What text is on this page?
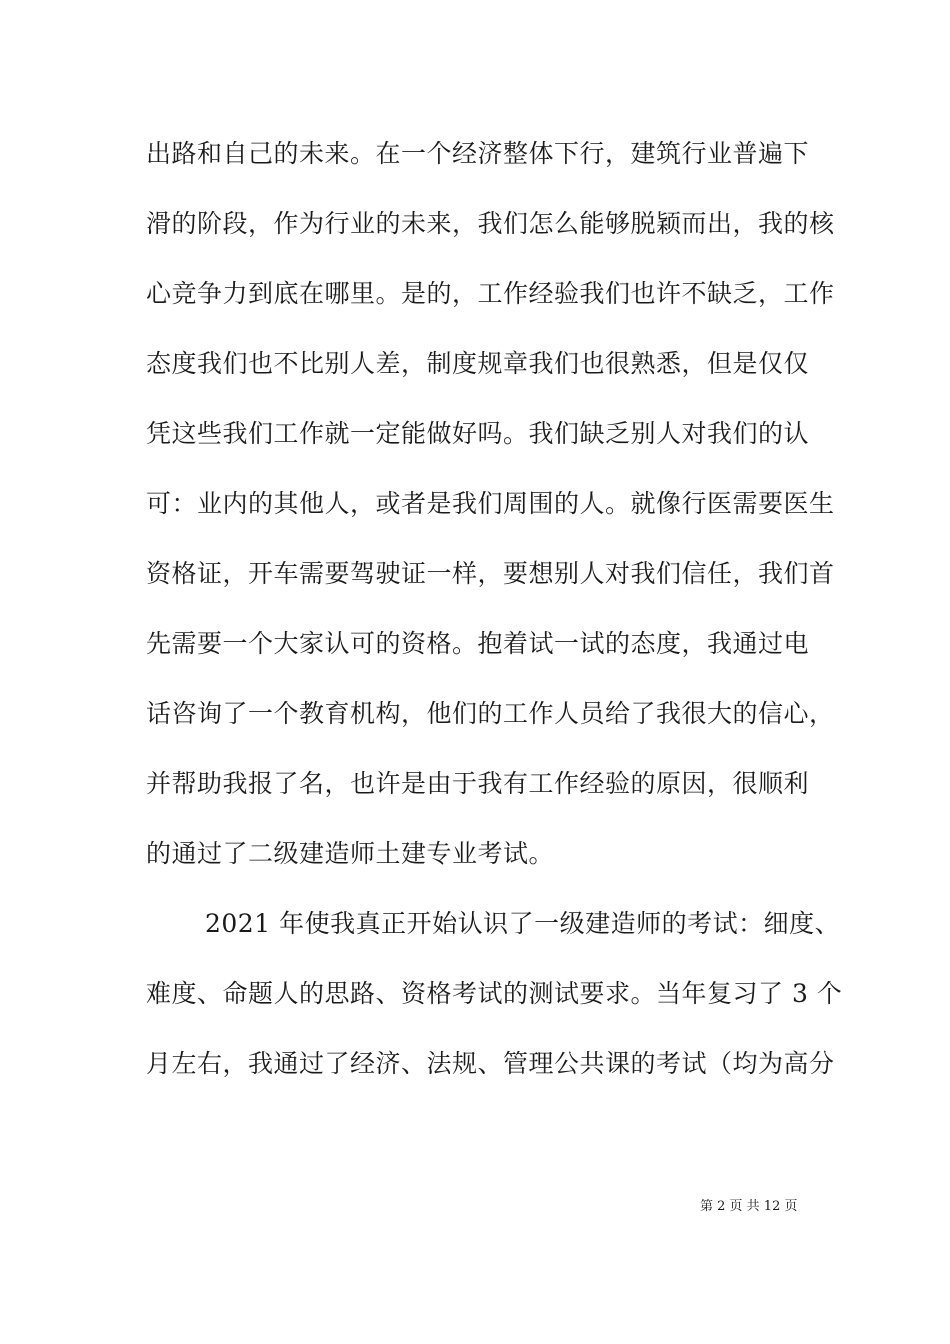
出路和自己的未来。在一个经济整体下行，建筑行业普遍下
滑的阶段，作为行业的未来，我们怎么能够脱颖而出，我的核
心竞争力到底在哪里。是的，工作经验我们也许不缺乏，工作
态度我们也不比别人差，制度规章我们也很熟悉，但是仅仅
凭这些我们工作就一定能做好吗。我们缺乏别人对我们的认
可：业内的其他人，或者是我们周围的人。就像行医需要医生
资格证，开车需要驾驶证一样，要想别人对我们信任，我们首
先需要一个大家认可的资格。抱着试一试的态度，我通过电
话咨询了一个教育机构，他们的工作人员给了我很大的信心，
并帮助我报了名，也许是由于我有工作经验的原因，很顺利
的通过了二级建造师土建专业考试。
2021 年使我真正开始认识了一级建造师的考试：细度、
难度、命题人的思路、资格考试的测试要求。当年复习了 3 个
月左右，我通过了经济、法规、管理公共课的考试（均为高分
第 2 页 共 12 页
